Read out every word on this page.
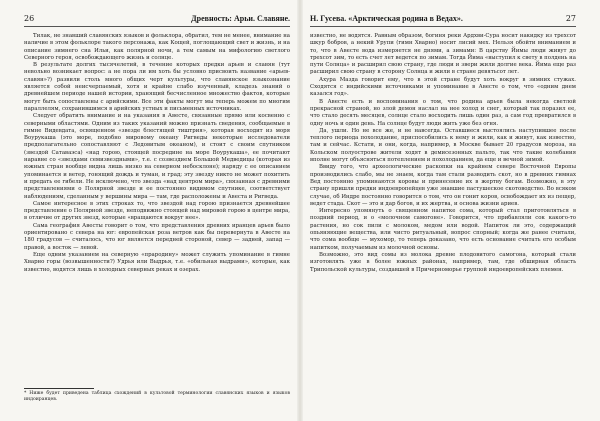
26	Древность: Арьи. Славяне.

Тилак, не знавший славянских языков и фольклора, обратил, тем не менее, внимание на наличие в этом фольклоре такого персонажа, как Кощей, поглощающий свет и жизнь, и на описание зимнего сна Ильи, как полярной ночи, а тем самым на мифологию светлого Северного героя, освобождающего жизнь и солнце.

В результате долгих тысячелетий, в течение которых предки арьев и славян (тут невольно возникает вопрос: а не пора ли им хоть бы условно присвоить название «арьев-славян»?) развили столь много общих черт культуры, что славянское языкознание является собой неисчерпаемый, хотя и крайне слабо изученный, кладезь знаний о древнейшем периоде нашей истории, хранящий бесчисленное множество фактов, которые могут быть сопоставлены с арийскими. Все эти факты могут мы теперь можем по многим параллелям, сохранившимся в арийских устных и письменных источниках.

Следует обратить внимание и на указания в Авесте, связанные прямо или косвенно с северными областями. Одним из таких указаний можно признать сведения, сообщаемые в гимне Видевдата, освященном «звезде блестящей тиштрия», которая восходит из моря Воурукаша (это море, подобно мировому океану Ригведы некоторые исследователи предполагательно сопоставляют с Ледовитым океаном), и стоит с своим спутником (звездой Сатаваэса) «над горою, стоящей посредине на море Воурукаша», ее почитают наравне со «звездами семизвездными», т.е. с созвездием Большой Медведицы (которая из южных стран вообще видна лишь низко на северном небосклоне); наряду с ее описанием упоминается и ветер, гонящий дождь и туман, и град; эту звезду никто не может похитить и предать ее гибели. Не исключено, что звезда «над центром мира», связанная с древними представлениями о Полярной звезде и ее постоянно видимом спутнике, соответствует наблюдениям, сделанным у вершины мира — там, где расположены и Авеста и Ригведа.

Самое интересное в этих строках то, что звездой над горою признается древнейшее представление о Полярной звезде, неподвижно стоящей над мировой горою в центре мира, в отличие от других звезд, которые «вращаются вокруг нее».

Сама география Авесты говорит о том, что представления древних иранцев арьев было ориентировано с севера на юг: европейская роза ветров как бы перевернута в Авесте на 180 градусов — считалось, что юг является передней стороной, север — задней, запад — правой, а восток — левой.

Еще одним указанием на северную «прародину» может служить упоминание в гимне Хварно горы (возвышенности?) Удрья или Выдрья, т.е. «обильная выдрами», которые, как известно, водятся лишь в холодных северных реках и озерах.

* Ниже будет приведена таблица схождений в культовой терминологии славянских языков и языков индоиранцев.

Н. Гусева. «Арктическая родина в Ведах».	27

известно, не водятся. Равным образом, богиня реки Ардхви-Сура носит накидку из трехсот шкур бобров, а некий Урупи (гимн Хварно) носит лисий мех. Нельзя обойти вниманием и то, что в Авесте вода измеряется не днями, а зимами: В царству Йимы люди живут до трехсот зим, то есть счет лет ведется по зимам. Тогда Йима «выступил к свету в полдень на пути Солнца» и расширил свою страну, где люди и звери жили долгие века. Йима еще раз расширил свою страну в сторону Солнца и жили в стране девятьсот лет.

Ахура Мазда говорит ему, что в этой стране будут хоть вокруг в зимних стужах. Сходятся с индийскими источниками и упоминание в Авесте о том, что «одним днем казался год».

В Авесте есть и воспоминания о том, что родина арьев была некогда светлой прекрасной страной, но злой демон наслал на нее холод и снег, который так поразил ее, что стало десять месяцев, солнце стало восходить лишь один раз, а сам год превратился в одну ночь и один день. На солнце будут люди жить уже без огня.

Да, ушли. Но не все же, и не навсегда. Оставшиеся выстоялись наступившее после теплого периода похолодание, приспособились к нему и жили, как и живут, как известно, там и сейчас. Кстати, и они, когда, например, в Москве бывает 20 градусов мороза, на Кольском полуострове жители ходят в демисезонных пальто, так что такие колебания вполне могут объясняться потеплением и похолоданием, да еще и вечной зимой.

Ввиду того, что археологические раскопки на крайнем севере Восточной Европы производились слабо, мы не знаем, когда там стали разводить скот, но в древних гимнах Вед постоянно упоминаются коровы и принесение их в жертву богам. Возможно, в эту страну пришли предки индоевропейцев уже знавшие пастушеское скотоводство. Во всяком случае, об Индре постоянно говорится о том, что он гонит коров, освобождает их из пещер, ведет стада. Скот — это и дар богов, и их жертва, и основа жизни ариев.

Интересно упомянуть о священном напитке сома, который стал приготовляться в поздний период, и о «молочном самогоне». Говорится, что прибавляли сок какого-то растения, но сок пили с молоком, медом или водой. Напиток ли это, содержащий опьяняющие вещества, или чисто ритуальный, вопрос спорный; когда же ранее считали, что сома вообще — мухомор, то теперь доказано, что есть основание считать его особым напитком, получаемым из молочной основы.

Возможно, это вид сомы из молока древне плодовитого самогона, который стали изготовлять уже в более южных районах, например, там, где обширная область Трипольской культуры, создавшей в Причерноморье группой индоевропейских племен.
